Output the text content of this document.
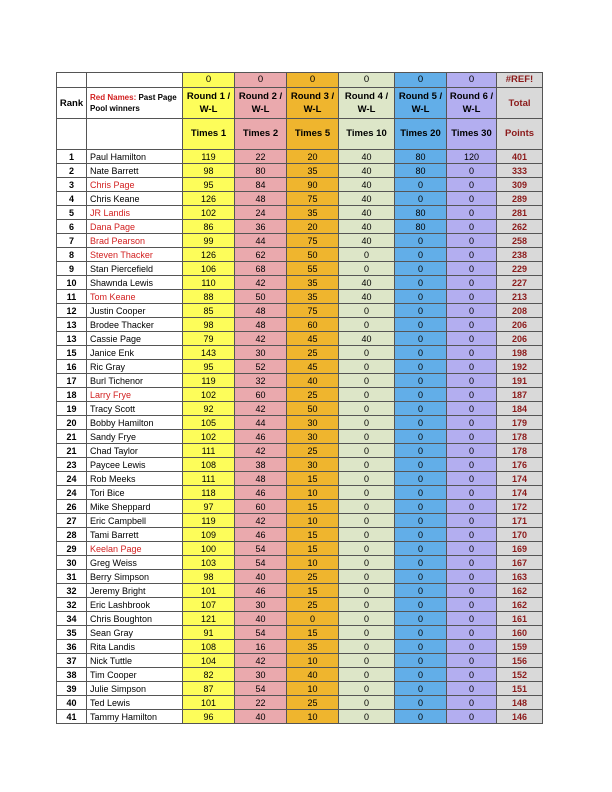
		0	0	0	0	0	0	#REF!
Rank	Red Names: Past Page Pool winners	Round 1 / W-L	Round 2 / W-L	Round 3 / W-L	Round 4 / W-L	Round 5 / W-L	Round 6 / W-L	Total
		Times 1	Times 2	Times 5	Times 10	Times 20	Times 30	Points
1	Paul Hamilton	119	22	20	40	80	120	401
2	Nate Barrett	98	80	35	40	80	0	333
3	Chris Page	95	84	90	40	0	0	309
4	Chris Keane	126	48	75	40	0	0	289
5	JR Landis	102	24	35	40	80	0	281
6	Dana Page	86	36	20	40	80	0	262
7	Brad Pearson	99	44	75	40	0	0	258
8	Steven Thacker	126	62	50	0	0	0	238
9	Stan Piercefield	106	68	55	0	0	0	229
10	Shawnda Lewis	110	42	35	40	0	0	227
11	Tom Keane	88	50	35	40	0	0	213
12	Justin Cooper	85	48	75	0	0	0	208
13	Brodee Thacker	98	48	60	0	0	0	206
13	Cassie Page	79	42	45	40	0	0	206
15	Janice Enk	143	30	25	0	0	0	198
16	Ric Gray	95	52	45	0	0	0	192
17	Burl Tichenor	119	32	40	0	0	0	191
18	Larry Frye	102	60	25	0	0	0	187
19	Tracy Scott	92	42	50	0	0	0	184
20	Bobby Hamilton	105	44	30	0	0	0	179
21	Sandy Frye	102	46	30	0	0	0	178
21	Chad Taylor	111	42	25	0	0	0	178
23	Paycee Lewis	108	38	30	0	0	0	176
24	Rob Meeks	111	48	15	0	0	0	174
24	Tori Bice	118	46	10	0	0	0	174
26	Mike Sheppard	97	60	15	0	0	0	172
27	Eric Campbell	119	42	10	0	0	0	171
28	Tami Barrett	109	46	15	0	0	0	170
29	Keelan Page	100	54	15	0	0	0	169
30	Greg Weiss	103	54	10	0	0	0	167
31	Berry Simpson	98	40	25	0	0	0	163
32	Jeremy Bright	101	46	15	0	0	0	162
32	Eric Lashbrook	107	30	25	0	0	0	162
34	Chris Boughton	121	40	0	0	0	0	161
35	Sean Gray	91	54	15	0	0	0	160
36	Rita Landis	108	16	35	0	0	0	159
37	Nick Tuttle	104	42	10	0	0	0	156
38	Tim Cooper	82	30	40	0	0	0	152
39	Julie Simpson	87	54	10	0	0	0	151
40	Ted Lewis	101	22	25	0	0	0	148
41	Tammy Hamilton	96	40	10	0	0	0	146
